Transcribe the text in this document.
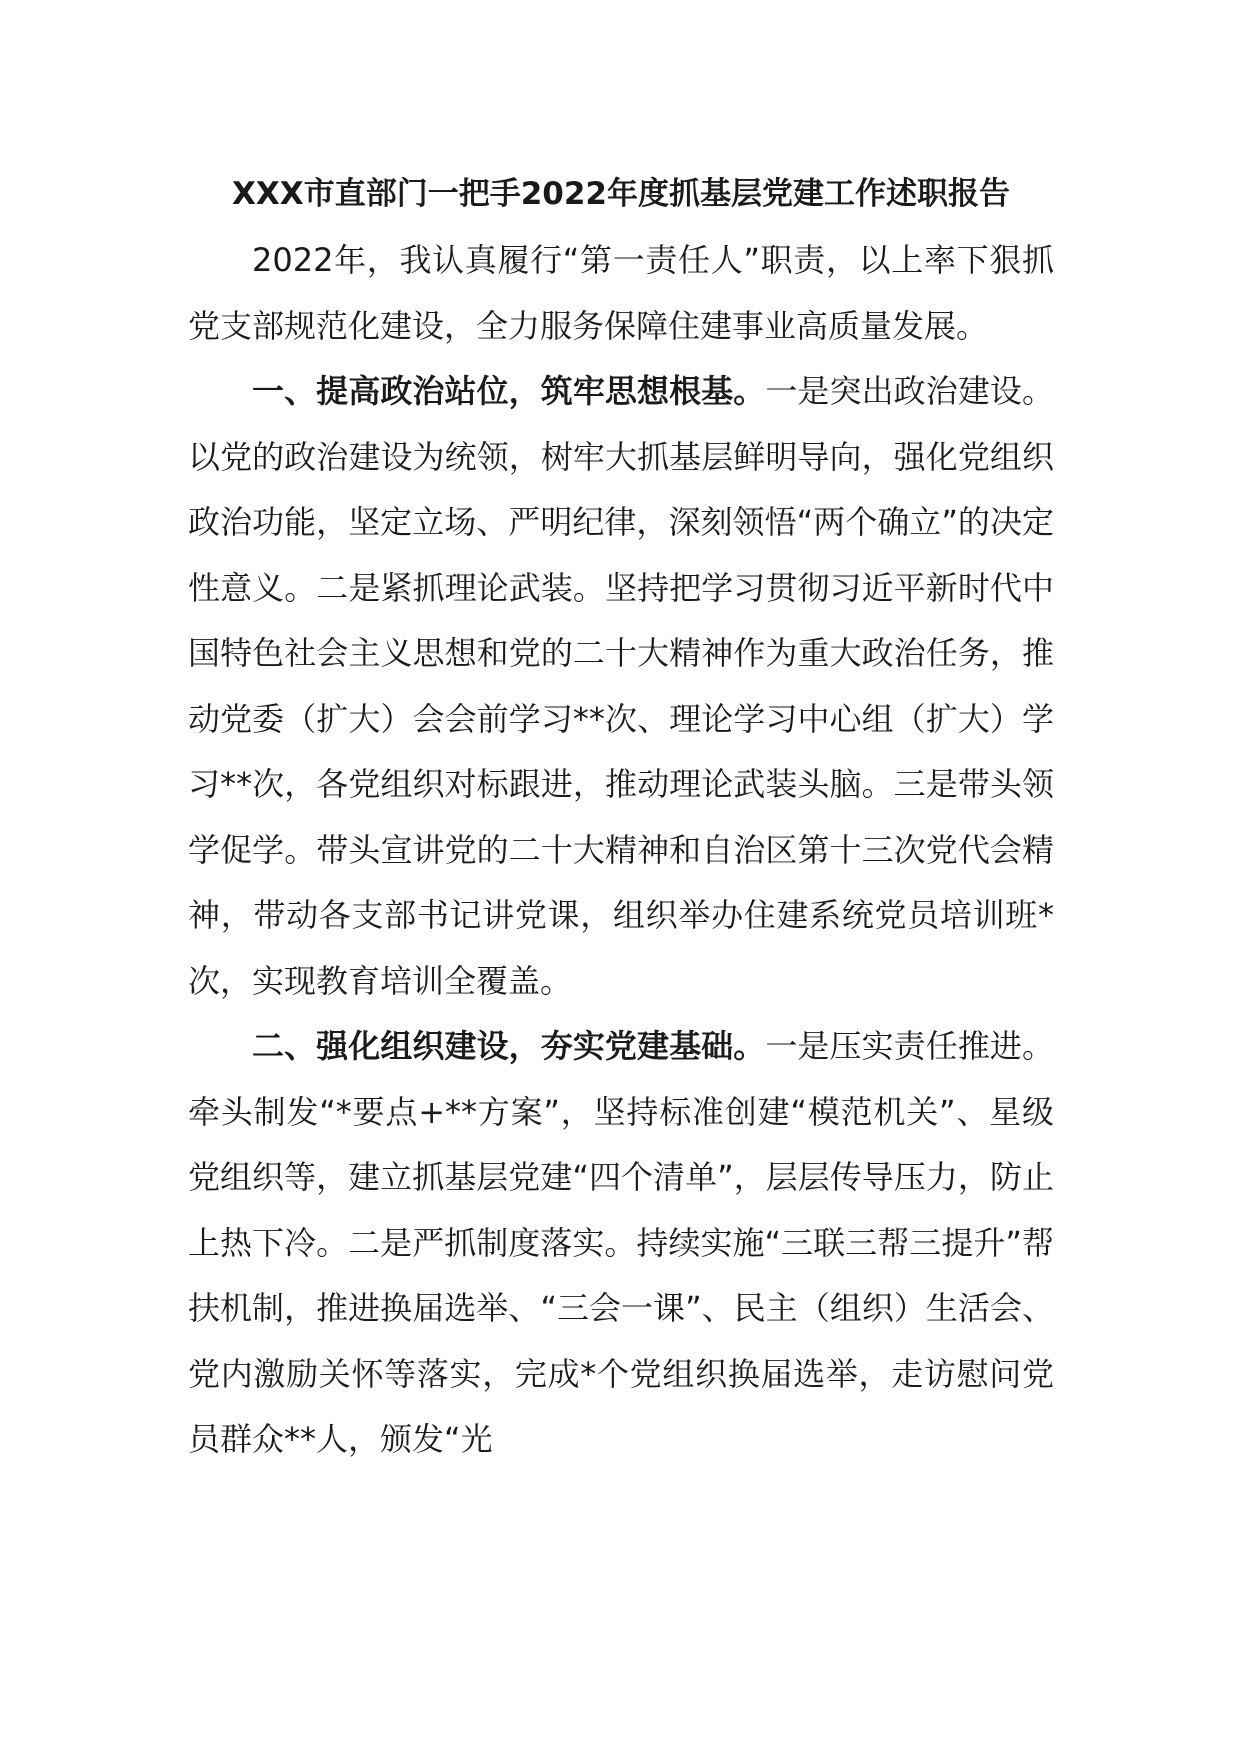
XXX市直部门一把手2022年度抓基层党建工作述职报告

2022年，我认真履行“第一责任人”职责，以上率下狠抓党支部规范化建设，全力服务保障住建事业高质量发展。

一、提高政治站位，筑牢思想根基。一是突出政治建设。以党的政治建设为统领，树牢大抓基层鲜明导向，强化党组织政治功能，坚定立场、严明纪律，深刻领悟“两个确立”的决定性意义。二是紧抓理论武装。坚持把学习贯彻习近平新时代中国特色社会主义思想和党的二十大精神作为重大政治任务，推动党委（扩大）会会前学习**次、理论学习中心组（扩大）学习**次，各党组织对标跟进，推动理论武装头脑。三是带头领学促学。带头宣讲党的二十大精神和自治区第十三次党代会精神，带动各支部书记讲党课，组织举办住建系统党员培训班*次，实现教育培训全覆盖。

二、强化组织建设，夯实党建基础。一是压实责任推进。牵头制发“*要点+**方案”，坚持标准创建“模范机关”、星级党组织等，建立抓基层党建“四个清单”，层层传导压力，防止上热下冷。二是严抓制度落实。持续实施“三联三帮三提升”帮扶机制，推进换届选举、“三会一课”、民主（组织）生活会、党内激励关怀等落实，完成*个党组织换届选举，走访慰问党员群众**人，颁发“光
